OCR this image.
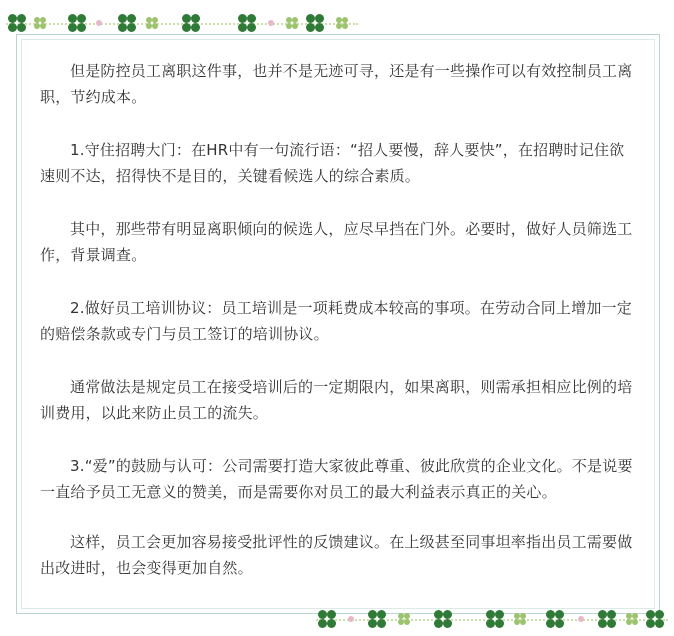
但是防控员工离职这件事，也并不是无迹可寻，还是有一些操作可以有效控制员工离职，节约成本。

1.守住招聘大门：在HR中有一句流行语：“招人要慢，辞人要快”，在招聘时记住欲速则不达，招得快不是目的，关键看候选人的综合素质。

其中，那些带有明显离职倾向的候选人，应尽早挡在门外。必要时，做好人员筛选工作，背景调查。

2.做好员工培训协议：员工培训是一项耗费成本较高的事项。在劳动合同上增加一定的赔偿条款或专门与员工签订的培训协议。

通常做法是规定员工在接受培训后的一定期限内，如果离职，则需承担相应比例的培训费用，以此来防止员工的流失。

3.“爱”的鼓励与认可：公司需要打造大家彼此尊重、彼此欣赏的企业文化。不是说要一直给予员工无意义的赞美，而是需要你对员工的最大利益表示真正的关心。

这样，员工会更加容易接受批评性的反馈建议。在上级甚至同事坦率指出员工需要做出改进时，也会变得更加自然。
